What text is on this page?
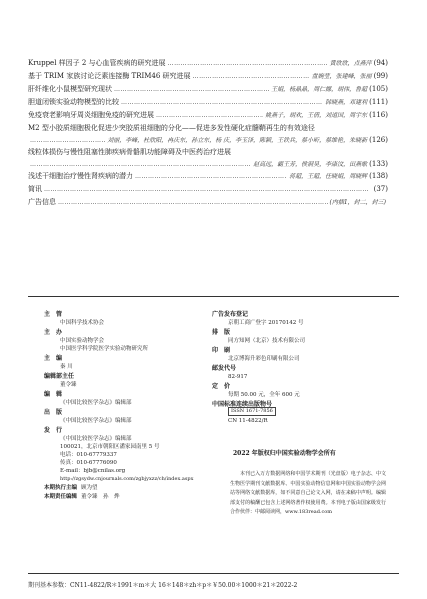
Kruppel 样因子 2 与心血管疾病的研究进展 ……………………………………………………………………………………………………………………………………	黄欣欣，点燕萍 (94)
基于 TRIM 家族讨论泛素连接酶 TRIM46 研究进展 ……………………………………………………………………………………………………………………………………	盘婉莹，张建峰，张丽 (99)
肝纤维化小鼠模型研究现状 ……………………………………………………………………………………………………………………………………	王娟，杨晶晶，周仁娜，胡伟，鲁超 (105)
胆道闭锁实验动物模型的比较 ……………………………………………………………………………………………………………………………………	韩晓燕，邓建利 (111)
免疫衰老影响牙周炎细胞免疫的研究进展 ……………………………………………………………………………………………………………………………………	姚燕子，胡欢，王倩，刘道国，周宇东 (116)
M2 型小胶质细胞极化促进少突胶质祖细胞的分化——促进多发性硬化症髓鞘再生的有效途径
……………………………………………………………………………………………………………………………………
刘丽，李峰，杜欣阳，冉庆东，孙立东，杨 庆，李玉泽，陈颖，王铁兵，蔡小昕，蔡维艳，朱晓新 (126)
线粒体损伤与慢性阻塞性肺疾病骨骼肌功能障碍及中医药治疗进展
……………………………………………………………………………………………………………………………………
赵高远，霸王芳，侯洞昊，李康汶，田燕歌 (133)
浅述干细胞治疗慢性肾疾病的潜力 ……………………………………………………………………………………………………………………………………	蒋超，王超，任晓娟，周晓辉 (138)
简讯 ……………………………………………………………………………………………………………………………………	(37)
广告信息 ……………………………………………………………………………………………………………………………………	(内插1，封二，封三)
主　管
中国科学技术协会
主　办
中国实验动物学会
中国医学科学院医学实验动物研究所
主　编
秦 川
编辑部主任
董令臻
编　辑
《中国比较医学杂志》编辑部
出　版
《中国比较医学杂志》编辑部
发　行
《中国比较医学杂志》编辑部
100021，北京市朝阳区潘家园南里 5 号
电话：010-67779337
传真：010-67776090
E-mail：bjb@cnilas.org
http://zgsydw.cnjournals.com/zgbjyxzz/ch/index.aspx
本期执行主编 顾为望
本期责任编辑 董令臻　孙　烨
广告发布登记
京朝工商广登字 20170142 号
排　版
同方知网（北京）技术有限公司
印　刷
北京博海升彩色印刷有限公司
邮发代号
82-917
定　价
每期 50.00 元，全年 600 元
中国标准连续出版物号
ISSN 1671-7856
CN 11-4822/R
2022 年版权归中国实验动物学会所有
本刊已入万方数据网络和中国学术期刊（光盘版）电子杂志、中文生物医学期刊文献数据库、中国实验动物信息网和中国实验动物学会网站等网络文献数据库，如不同意自己论文入网，请在来稿中声明。编辑部支付的稿酬已包含上述网络著作权使用费。本刊电子版由国家级发行合作伙伴：中邮阅读网，www.183read.com
期刊基本参数：CN11-4822/R＊1991＊m＊大 16＊148＊zh＊p＊￥50.00＊1000＊21＊2022-2
